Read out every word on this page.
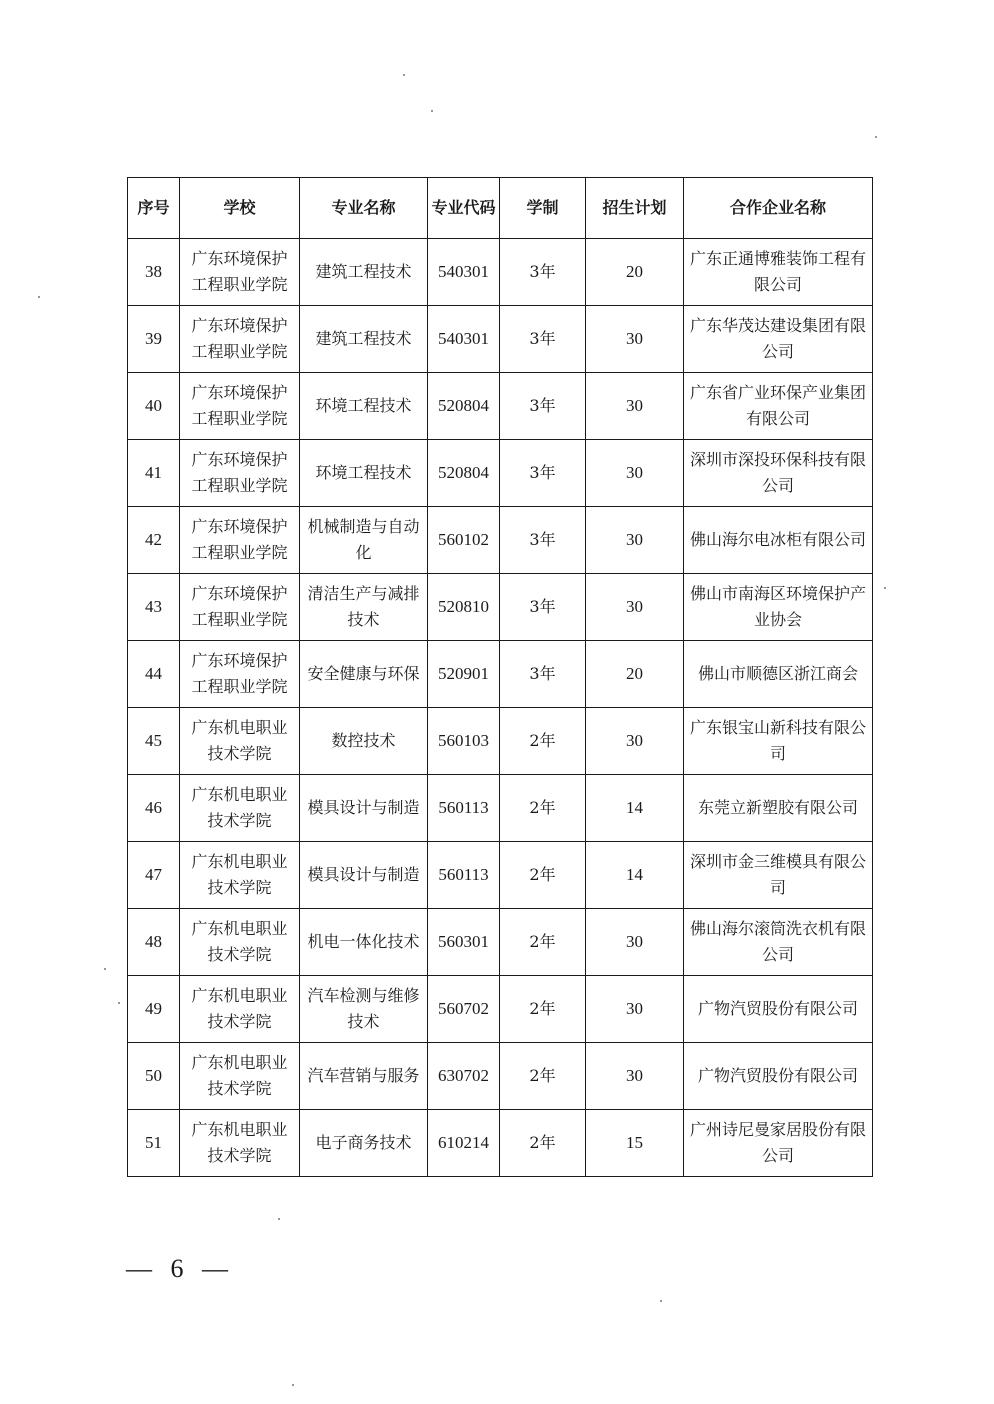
序号	学校	专业名称	专业代码	学制	招生计划	合作企业名称
38	广东环境保护工程职业学院	建筑工程技术	540301	3年	20	广东正通博雅装饰工程有限公司
39	广东环境保护工程职业学院	建筑工程技术	540301	3年	30	广东华茂达建设集团有限公司
40	广东环境保护工程职业学院	环境工程技术	520804	3年	30	广东省广业环保产业集团有限公司
41	广东环境保护工程职业学院	环境工程技术	520804	3年	30	深圳市深投环保科技有限公司
42	广东环境保护工程职业学院	机械制造与自动化	560102	3年	30	佛山海尔电冰柜有限公司
43	广东环境保护工程职业学院	清洁生产与减排技术	520810	3年	30	佛山市南海区环境保护产业协会
44	广东环境保护工程职业学院	安全健康与环保	520901	3年	20	佛山市顺德区浙江商会
45	广东机电职业技术学院	数控技术	560103	2年	30	广东银宝山新科技有限公司
46	广东机电职业技术学院	模具设计与制造	560113	2年	14	东莞立新塑胶有限公司
47	广东机电职业技术学院	模具设计与制造	560113	2年	14	深圳市金三维模具有限公司
48	广东机电职业技术学院	机电一体化技术	560301	2年	30	佛山海尔滚筒洗衣机有限公司
49	广东机电职业技术学院	汽车检测与维修技术	560702	2年	30	广物汽贸股份有限公司
50	广东机电职业技术学院	汽车营销与服务	630702	2年	30	广物汽贸股份有限公司
51	广东机电职业技术学院	电子商务技术	610214	2年	15	广州诗尼曼家居股份有限公司
— 6 —
